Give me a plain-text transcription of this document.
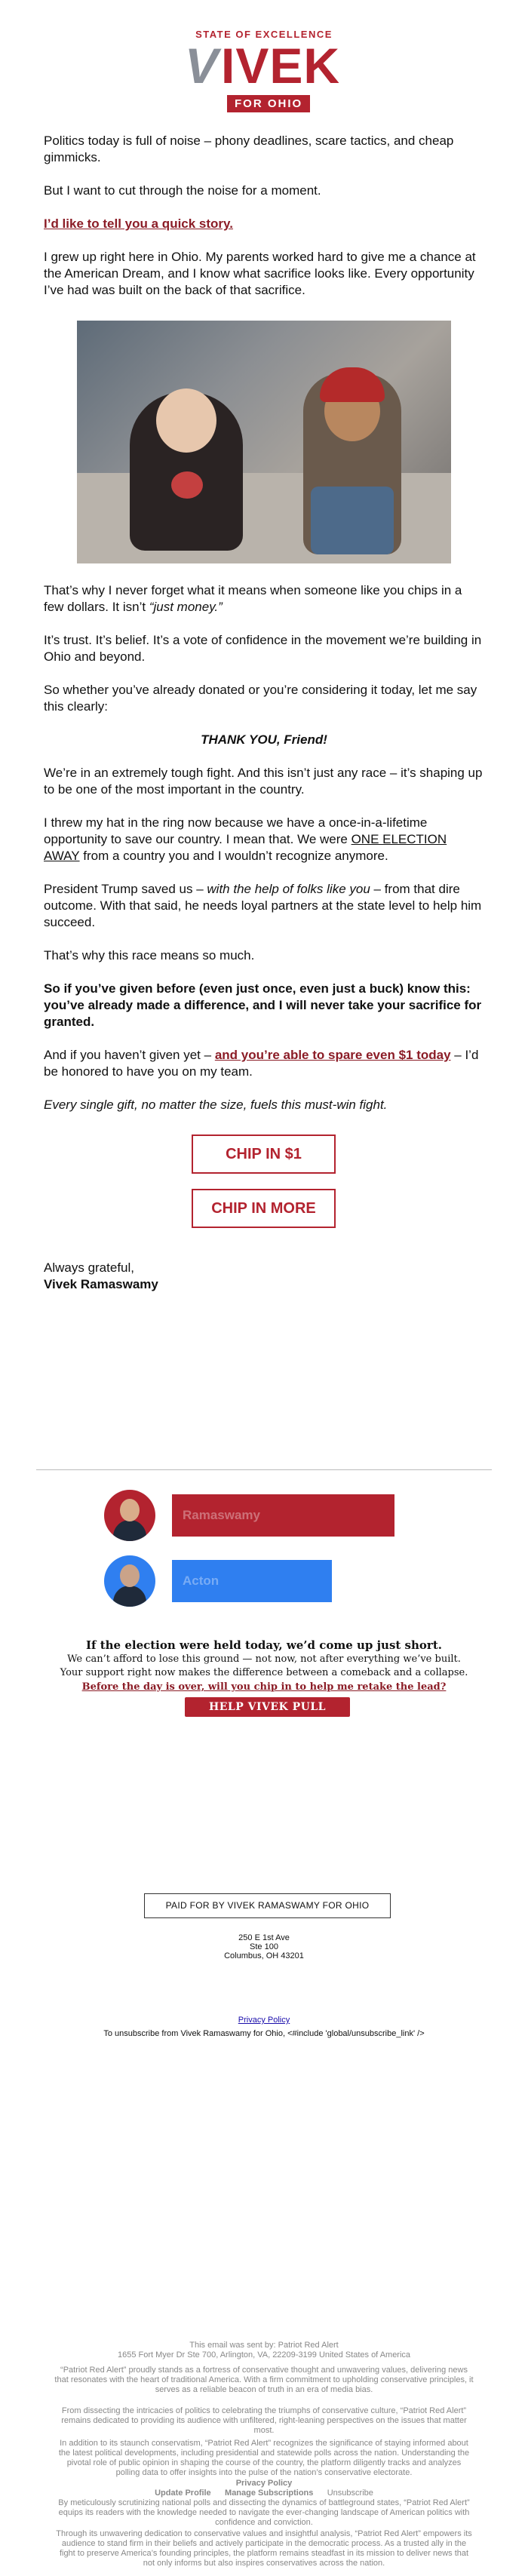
STATE OF EXCELLENCE
V IVEK
FOR OHIO
Politics today is full of noise – phony deadlines, scare tactics, and cheap gimmicks.
But I want to cut through the noise for a moment.
I’d like to tell you a quick story.
I grew up right here in Ohio. My parents worked hard to give me a chance at the American Dream, and I know what sacrifice looks like. Every opportunity I’ve had was built on the back of that sacrifice.
That’s why I never forget what it means when someone like you chips in a few dollars. It isn’t “just money.”
It’s trust. It’s belief. It’s a vote of confidence in the movement we’re building in Ohio and beyond.
So whether you’ve already donated or you’re considering it today, let me say this clearly:
THANK YOU, Friend!
We’re in an extremely tough fight. And this isn’t just any race – it’s shaping up to be one of the most important in the country.
I threw my hat in the ring now because we have a once-in-a-lifetime opportunity to save our country. I mean that. We were ONE ELECTION AWAY from a country you and I wouldn’t recognize anymore.
President Trump saved us – with the help of folks like you – from that dire outcome. With that said, he needs loyal partners at the state level to help him succeed.
That’s why this race means so much.
So if you’ve given before (even just once, even just a buck) know this: you’ve already made a difference, and I will never take your sacrifice for granted.
And if you haven’t given yet – and you’re able to spare even $1 today – I’d be honored to have you on my team.
Every single gift, no matter the size, fuels this must-win fight.
CHIP IN $1
CHIP IN MORE
Always grateful,
Vivek Ramaswamy
Ramaswamy
Acton
If the election were held today, we’d come up just short.
We can’t afford to lose this ground — not now, not after everything we’ve built.
Your support right now makes the difference between a comeback and a collapse.
Before the day is over, will you chip in to help me retake the lead?
HELP VIVEK PULL AHEAD
PAID FOR BY VIVEK RAMASWAMY FOR OHIO
250 E 1st Ave
Ste 100
Columbus, OH 43201
Privacy Policy
To unsubscribe from Vivek Ramaswamy for Ohio, <#include 'global/unsubscribe_link' />
This email was sent by: Patriot Red Alert
1655 Fort Myer Dr Ste 700, Arlington, VA, 22209-3199 United States of America
“Patriot Red Alert” proudly stands as a fortress of conservative thought and unwavering values, delivering news that resonates with the heart of traditional America. With a firm commitment to upholding conservative principles, it serves as a reliable beacon of truth in an era of media bias.
From dissecting the intricacies of politics to celebrating the triumphs of conservative culture, “Patriot Red Alert” remains dedicated to providing its audience with unfiltered, right-leaning perspectives on the issues that matter most.
In addition to its staunch conservatism, “Patriot Red Alert” recognizes the significance of staying informed about the latest political developments, including presidential and statewide polls across the nation. Understanding the pivotal role of public opinion in shaping the course of the country, the platform diligently tracks and analyzes polling data to offer insights into the pulse of the nation’s conservative electorate.
Privacy Policy
Update Profile Manage Subscriptions Unsubscribe
By meticulously scrutinizing national polls and dissecting the dynamics of battleground states, “Patriot Red Alert” equips its readers with the knowledge needed to navigate the ever-changing landscape of American politics with confidence and conviction.
Through its unwavering dedication to conservative values and insightful analysis, “Patriot Red Alert” empowers its audience to stand firm in their beliefs and actively participate in the democratic process. As a trusted ally in the fight to preserve America’s founding principles, the platform remains steadfast in its mission to deliver news that not only informs but also inspires conservatives across the nation.
